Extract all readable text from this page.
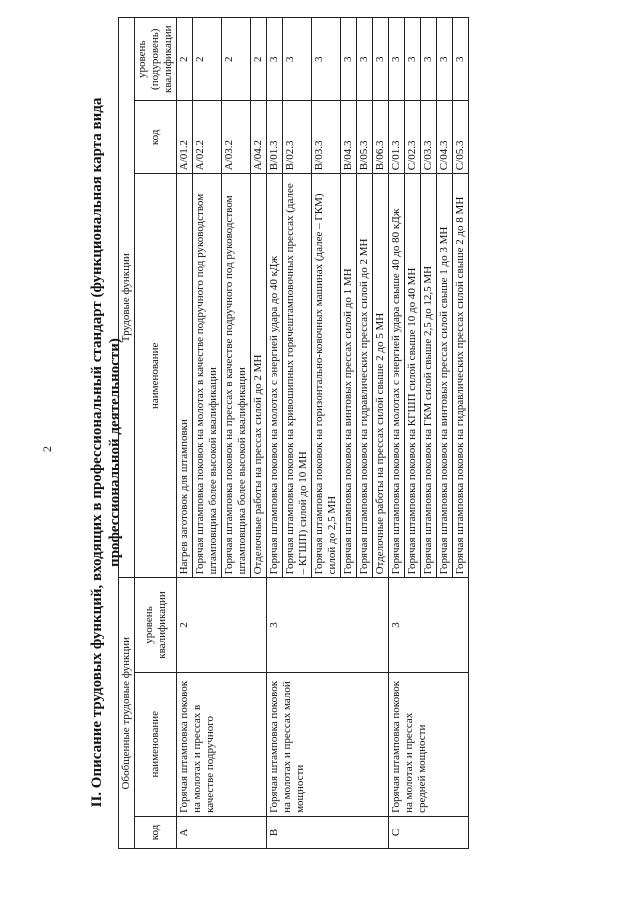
2 II. Описание трудовых функций, входящих в профессиональный стандарт (функциональная карта вида профессиональной деятельности)
Обобщенные трудовые функции			Трудовые функции		
код	наименование	уровень квалификации	наименование	код	уровень (подуровень) квалификации
A	Горячая штамповка поковок на молотах и прессах в качестве подручного	2	Нагрев заготовок для штамповки	A/01.2	2
			Горячая штамповка поковок на молотах в качестве подручного под руководством штамповщика более высокой квалификации	A/02.2	2
			Горячая штамповка поковок на прессах в качестве подручного под руководством штамповщика более высокой квалификации	A/03.2	2
			Отделочные работы на прессах силой до 2 МН	A/04.2	2
B	Горячая штамповка поковок на молотах и прессах малой мощности	3	Горячая штамповка поковок на молотах с энергией удара до 40 кДж	B/01.3	3
			Горячая штамповка поковок на кривошипных горячештамповочных прессах (далее – КГШП) силой до 10 МН	B/02.3	3
			Горячая штамповка поковок на горизонтально-ковочных машинах (далее – ГКМ) силой до 2,5 МН	B/03.3	3
			Горячая штамповка поковок на винтовых прессах силой до 1 МН	B/04.3	3
			Горячая штамповка поковок на гидравлических прессах силой до 2 МН	B/05.3	3
			Отделочные работы на прессах силой свыше 2 до 5 МН	B/06.3	3
C	Горячая штамповка поковок на молотах и прессах средней мощности	3	Горячая штамповка поковок на молотах с энергией удара свыше 40 до 80 кДж	C/01.3	3
			Горячая штамповка поковок на КГШП силой свыше 10 до 40 МН	C/02.3	3
			Горячая штамповка поковок на ГКМ силой свыше 2,5 до 12,5 МН	C/03.3	3
			Горячая штамповка поковок на винтовых прессах силой свыше 1 до 3 МН	C/04.3	3
			Горячая штамповка поковок на гидравлических прессах силой свыше 2 до 8 МН	C/05.3	3
